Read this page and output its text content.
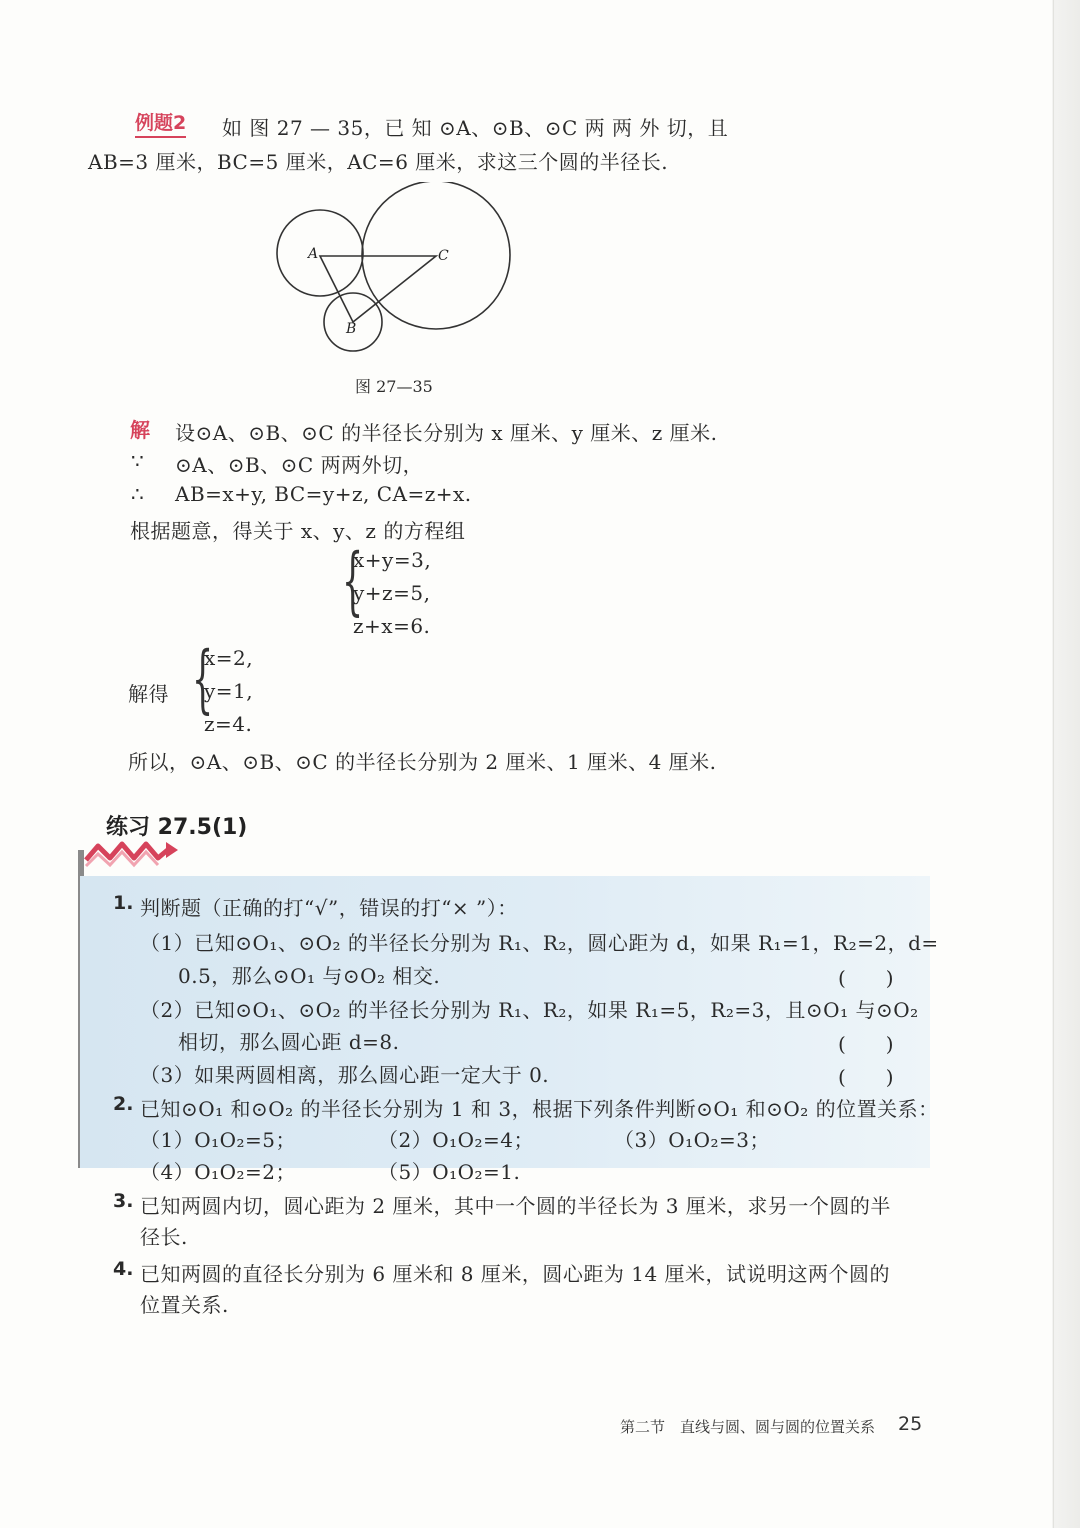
例题2 如 图 27 — 35，已 知 ⊙A、⊙B、⊙C 两 两 外 切，且
AB=3 厘米，BC=5 厘米，AC=6 厘米，求这三个圆的半径长.
A	C
B
图 27—35
解 设⊙A、⊙B、⊙C 的半径长分别为 x 厘米、y 厘米、z 厘米.
∵ ⊙A、⊙B、⊙C 两两外切，
∴ AB=x+y, BC=y+z, CA=z+x.
根据题意，得关于 x、y、z 的方程组
{
x+y=3,
y+z=5,
z+x=6.
解得 {
x=2,
y=1,
z=4.
所以，⊙A、⊙B、⊙C 的半径长分别为 2 厘米、1 厘米、4 厘米.
练习 27.5(1)
1. 判断题（正确的打“√”，错误的打“× ”）：
（1）已知⊙O₁、⊙O₂ 的半径长分别为 R₁、R₂，圆心距为 d，如果 R₁=1，R₂=2，d=
0.5，那么⊙O₁ 与⊙O₂ 相交.	(　　)
（2）已知⊙O₁、⊙O₂ 的半径长分别为 R₁、R₂，如果 R₁=5，R₂=3，且⊙O₁ 与⊙O₂
相切，那么圆心距 d=8.	(　　)
（3）如果两圆相离，那么圆心距一定大于 0.	(　　)
2. 已知⊙O₁ 和⊙O₂ 的半径长分别为 1 和 3，根据下列条件判断⊙O₁ 和⊙O₂ 的位置关系：
（1）O₁O₂=5；	（2）O₁O₂=4；	（3）O₁O₂=3；
（4）O₁O₂=2；	（5）O₁O₂=1.
3. 已知两圆内切，圆心距为 2 厘米，其中一个圆的半径长为 3 厘米，求另一个圆的半
径长.
4. 已知两圆的直径长分别为 6 厘米和 8 厘米，圆心距为 14 厘米，试说明这两个圆的
位置关系.
第二节　直线与圆、圆与圆的位置关系 25
